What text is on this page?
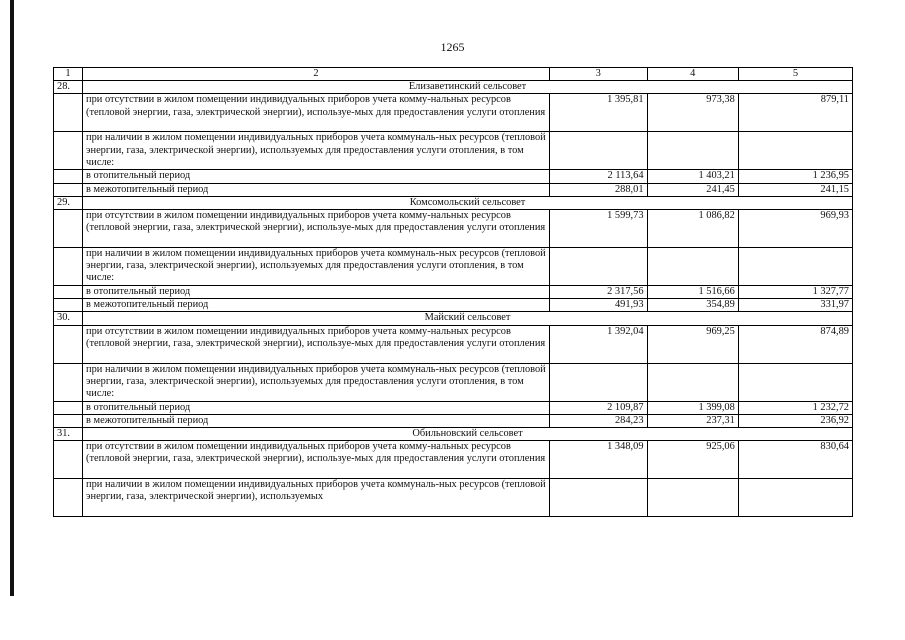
1265
1	2	3	4	5
28.	Елизаветинский сельсовет			
	при отсутствии в жилом помещении индивидуальных приборов учета комму-нальных ресурсов (тепловой энергии, газа, электрической энергии), используе-мых для предоставления услуги отопления	1 395,81	973,38	879,11
	при наличии в жилом помещении индивидуальных приборов учета коммуналь-ных ресурсов (тепловой энергии, газа, электрической энергии), используемых для предоставления услуги отопления, в том числе:			
	в отопительный период	2 113,64	1 403,21	1 236,95
	в межотопительный период	288,01	241,45	241,15
29.	Комсомольский сельсовет			
	при отсутствии в жилом помещении индивидуальных приборов учета комму-нальных ресурсов (тепловой энергии, газа, электрической энергии), используе-мых для предоставления услуги отопления	1 599,73	1 086,82	969,93
	при наличии в жилом помещении индивидуальных приборов учета коммуналь-ных ресурсов (тепловой энергии, газа, электрической энергии), используемых для предоставления услуги отопления, в том числе:			
	в отопительный период	2 317,56	1 516,66	1 327,77
	в межотопительный период	491,93	354,89	331,97
30.	Майский сельсовет			
	при отсутствии в жилом помещении индивидуальных приборов учета комму-нальных ресурсов (тепловой энергии, газа, электрической энергии), используе-мых для предоставления услуги отопления	1 392,04	969,25	874,89
	при наличии в жилом помещении индивидуальных приборов учета коммуналь-ных ресурсов (тепловой энергии, газа, электрической энергии), используемых для предоставления услуги отопления, в том числе:			
	в отопительный период	2 109,87	1 399,08	1 232,72
	в межотопительный период	284,23	237,31	236,92
31.	Обильновский сельсовет			
	при отсутствии в жилом помещении индивидуальных приборов учета комму-нальных ресурсов (тепловой энергии, газа, электрической энергии), используе-мых для предоставления услуги отопления	1 348,09	925,06	830,64
	при наличии в жилом помещении индивидуальных приборов учета коммуналь-ных ресурсов (тепловой энергии, газа, электрической энергии), используемых			
